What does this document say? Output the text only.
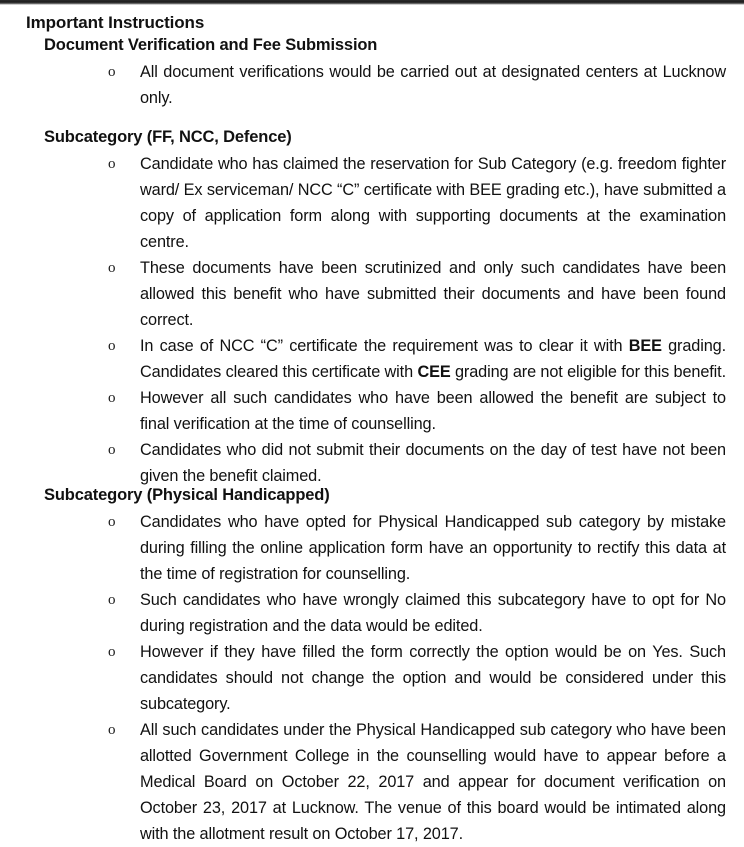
Important Instructions
Document Verification and Fee Submission
o	All document verifications would be carried out at designated centers at Lucknow only.
Subcategory (FF, NCC, Defence)
o	Candidate who has claimed the reservation for Sub Category (e.g. freedom fighter ward/ Ex serviceman/ NCC “C” certificate with BEE grading etc.), have submitted a copy of application form along with supporting documents at the examination centre.
o	These documents have been scrutinized and only such candidates have been allowed this benefit who have submitted their documents and have been found correct.
o	In case of NCC “C” certificate the requirement was to clear it with BEE grading. Candidates cleared this certificate with CEE grading are not eligible for this benefit.
o	However all such candidates who have been allowed the benefit are subject to final verification at the time of counselling.
o	Candidates who did not submit their documents on the day of test have not been given the benefit claimed.
Subcategory (Physical Handicapped)
o	Candidates who have opted for Physical Handicapped sub category by mistake during filling the online application form have an opportunity to rectify this data at the time of registration for counselling.
o	Such candidates who have wrongly claimed this subcategory have to opt for No during registration and the data would be edited.
o	However if they have filled the form correctly the option would be on Yes. Such candidates should not change the option and would be considered under this subcategory.
o	All such candidates under the Physical Handicapped sub category who have been allotted Government College in the counselling would have to appear before a Medical Board on October 22, 2017 and appear for document verification on October 23, 2017 at Lucknow. The venue of this board would be intimated along with the allotment result on October 17, 2017.
